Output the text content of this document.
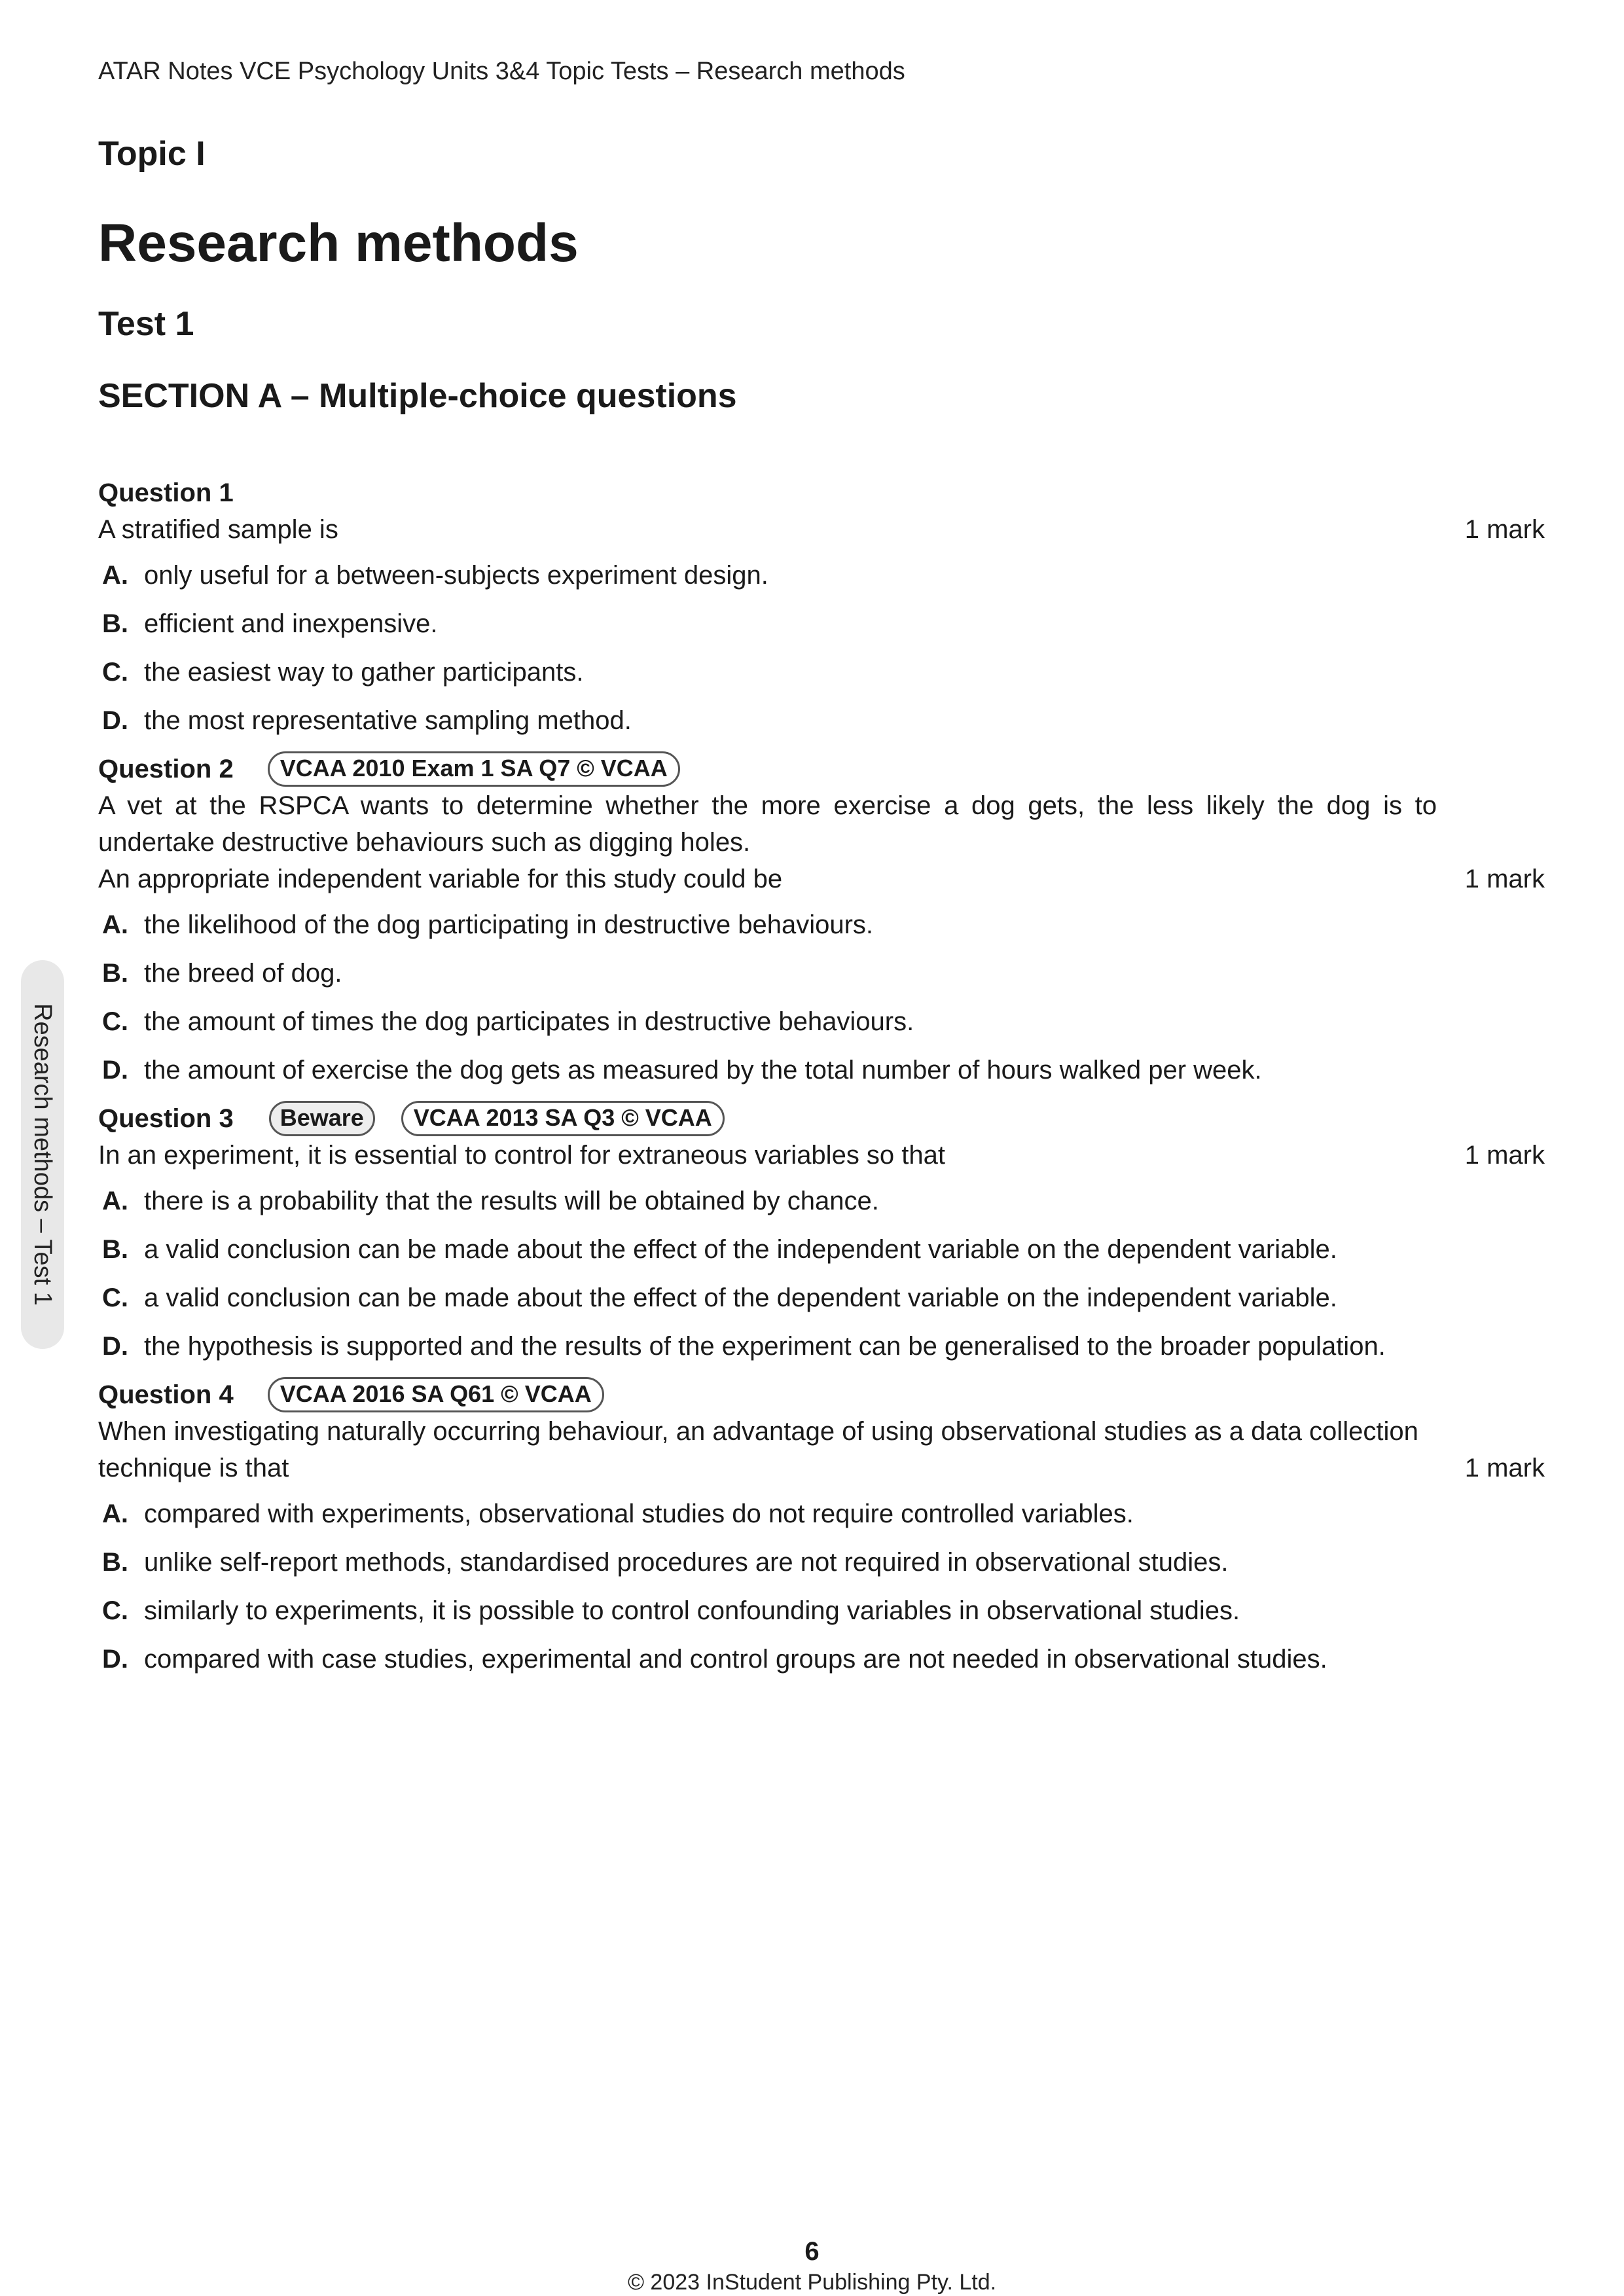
ATAR Notes VCE Psychology Units 3&4 Topic Tests – Research methods
Topic I
Research methods
Test 1
SECTION A – Multiple-choice questions
Research methods – Test 1
Question 1
A stratified sample is	1 mark
A. only useful for a between-subjects experiment design.
B. efficient and inexpensive.
C. the easiest way to gather participants.
D. the most representative sampling method.
Question 2	VCAA 2010 Exam 1 SA Q7 © VCAA
A vet at the RSPCA wants to determine whether the more exercise a dog gets, the less likely the dog is to undertake destructive behaviours such as digging holes.
An appropriate independent variable for this study could be	1 mark
A. the likelihood of the dog participating in destructive behaviours.
B. the breed of dog.
C. the amount of times the dog participates in destructive behaviours.
D. the amount of exercise the dog gets as measured by the total number of hours walked per week.
Question 3	Beware	VCAA 2013 SA Q3 © VCAA
In an experiment, it is essential to control for extraneous variables so that	1 mark
A. there is a probability that the results will be obtained by chance.
B. a valid conclusion can be made about the effect of the independent variable on the dependent variable.
C. a valid conclusion can be made about the effect of the dependent variable on the independent variable.
D. the hypothesis is supported and the results of the experiment can be generalised to the broader population.
Question 4	VCAA 2016 SA Q61 © VCAA
When investigating naturally occurring behaviour, an advantage of using observational studies as a data collection
technique is that	1 mark
A. compared with experiments, observational studies do not require controlled variables.
B. unlike self-report methods, standardised procedures are not required in observational studies.
C. similarly to experiments, it is possible to control confounding variables in observational studies.
D. compared with case studies, experimental and control groups are not needed in observational studies.
6
© 2023 InStudent Publishing Pty. Ltd.
